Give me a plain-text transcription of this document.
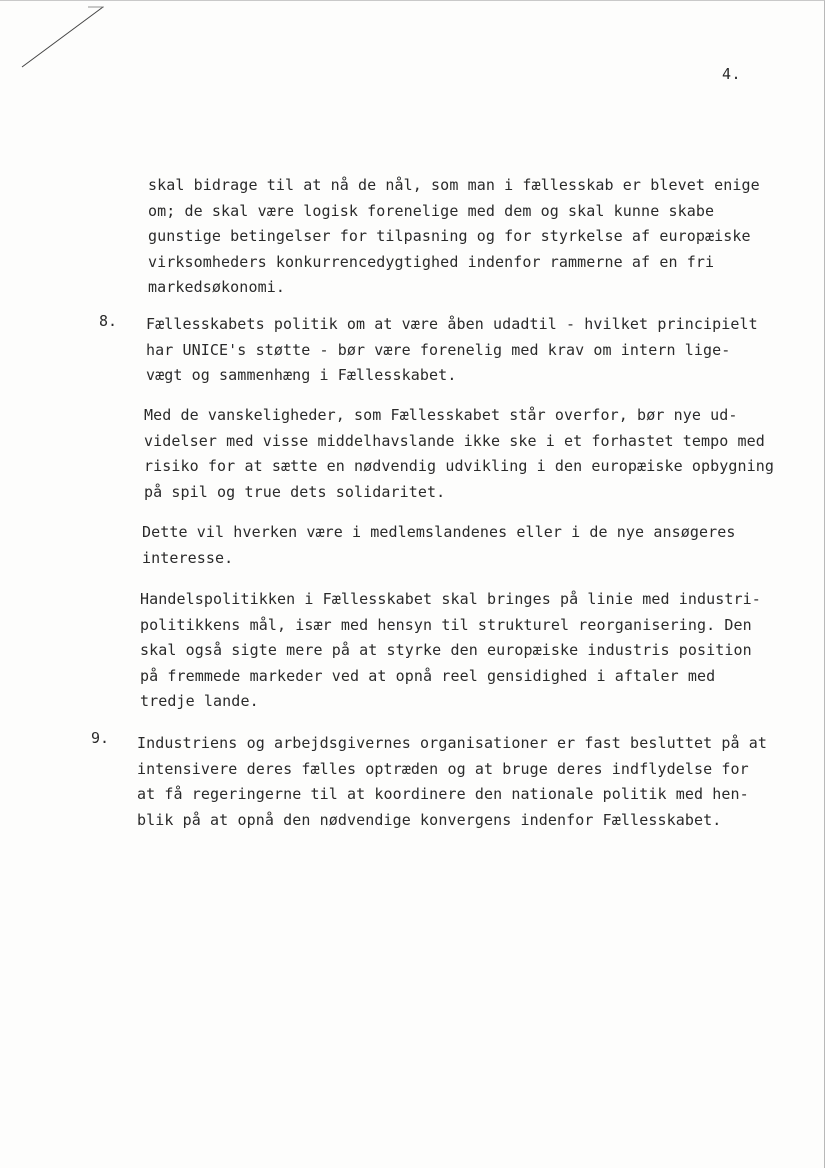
4.
skal bidrage til at nå de nål, som man i fællesskab er blevet enige
om; de skal være logisk forenelige med dem og skal kunne skabe
gunstige betingelser for tilpasning og for styrkelse af europæiske
virksomheders konkurrencedygtighed indenfor rammerne af en fri
markedsøkonomi.
8. Fællesskabets politik om at være åben udadtil - hvilket principielt
har UNICE's støtte - bør være forenelig med krav om intern lige-
vægt og sammenhæng i Fællesskabet.
Med de vanskeligheder, som Fællesskabet står overfor, bør nye ud-
videlser med visse middelhavslande ikke ske i et forhastet tempo med
risiko for at sætte en nødvendig udvikling i den europæiske opbygning
på spil og true dets solidaritet.
Dette vil hverken være i medlemslandenes eller i de nye ansøgeres
interesse.
Handelspolitikken i Fællesskabet skal bringes på linie med industri-
politikkens mål, især med hensyn til strukturel reorganisering. Den
skal også sigte mere på at styrke den europæiske industris position
på fremmede markeder ved at opnå reel gensidighed i aftaler med
tredje lande.
9. Industriens og arbejdsgivernes organisationer er fast besluttet på at
intensivere deres fælles optræden og at bruge deres indflydelse for
at få regeringerne til at koordinere den nationale politik med hen-
blik på at opnå den nødvendige konvergens indenfor Fællesskabet.
